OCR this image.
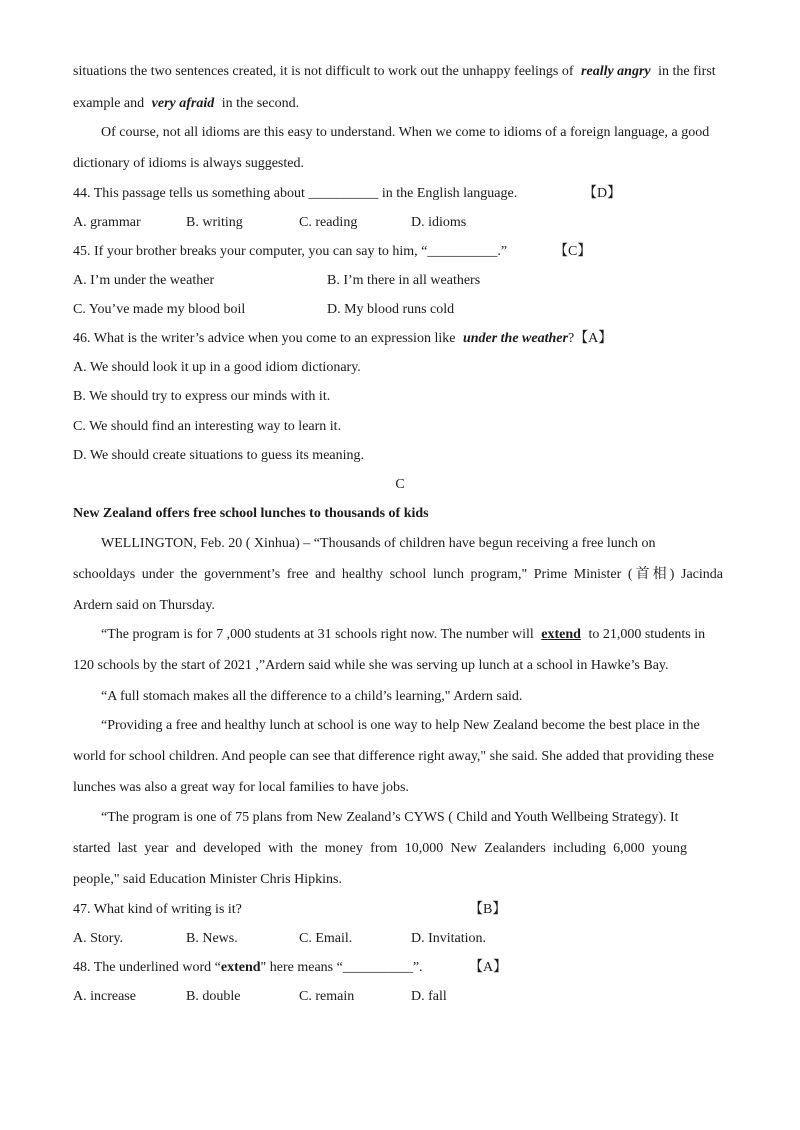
situations the two sentences created, it is not difficult to work out the unhappy feelings of really angry in the first
example and very afraid in the second.
Of course, not all idioms are this easy to understand. When we come to idioms of a foreign language, a good
dictionary of idioms is always suggested.
44. This passage tells us something about __________ in the English language.	【D】
A. grammar	B. writing	C. reading	D. idioms
45. If your brother breaks your computer, you can say to him, “__________.”	【C】
A. I’m under the weather	B. I’m there in all weathers
C. You’ve made my blood boil	D. My blood runs cold
46. What is the writer’s advice when you come to an expression like under the weather?【A】
A. We should look it up in a good idiom dictionary.
B. We should try to express our minds with it.
C. We should find an interesting way to learn it.
D. We should create situations to guess its meaning.
C
New Zealand offers free school lunches to thousands of kids
WELLINGTON, Feb. 20 ( Xinhua) – “Thousands of children have begun receiving a free lunch on
schooldays under the government’s free and healthy school lunch program," Prime Minister (首相) Jacinda
Ardern said on Thursday.
“The program is for 7 ,000 students at 31 schools right now. The number will extend to 21,000 students in
120 schools by the start of 2021 ,”Ardern said while she was serving up lunch at a school in Hawke’s Bay.
“A full stomach makes all the difference to a child’s learning," Ardern said.
“Providing a free and healthy lunch at school is one way to help New Zealand become the best place in the
world for school children. And people can see that difference right away," she said. She added that providing these
lunches was also a great way for local families to have jobs.
“The program is one of 75 plans from New Zealand’s CYWS ( Child and Youth Wellbeing Strategy). It
started last year and developed with the money from 10,000 New Zealanders including 6,000 young
people," said Education Minister Chris Hipkins.
47. What kind of writing is it?	【B】
A. Story.	B. News.	C. Email.	D. Invitation.
48. The underlined word “extend" here means “__________”.	【A】
A. increase	B. double	C. remain	D. fall
